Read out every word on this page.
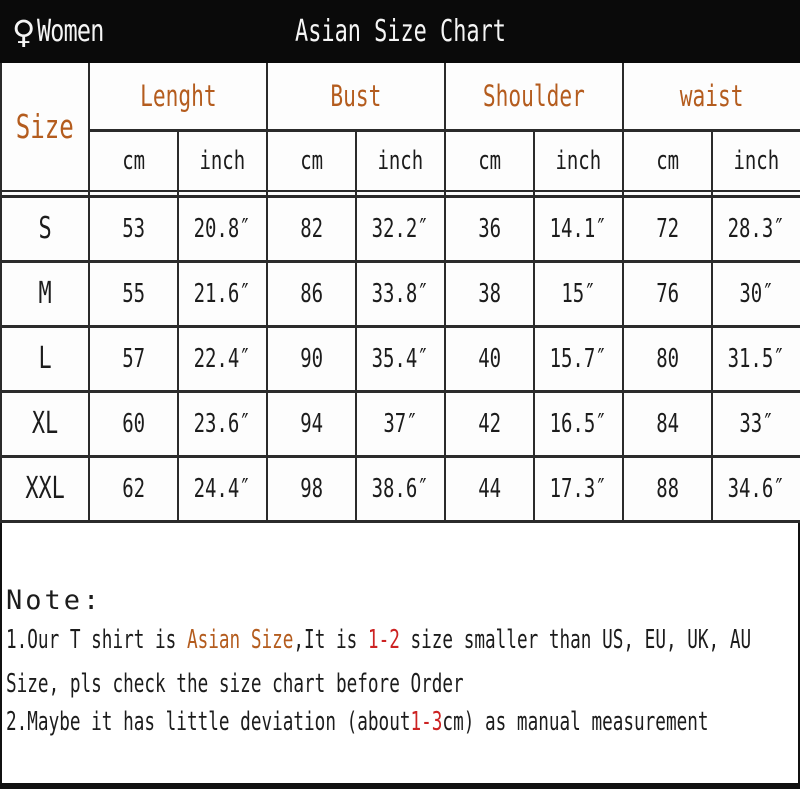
♀ Women	Asian Size Chart
Size	Lenght		Bust		Shoulder		waist	
	cm	inch	cm	inch	cm	inch	cm	inch

S	53	20.8″	82	32.2″	36	14.1″	72	28.3″
M	55	21.6″	86	33.8″	38	15″	76	30″
L	57	22.4″	90	35.4″	40	15.7″	80	31.5″
XL	60	23.6″	94	37″	42	16.5″	84	33″
XXL	62	24.4″	98	38.6″	44	17.3″	88	34.6″
Note:
1.Our T shirt is Asian Size,It is 1-2 size smaller than US, EU, UK, AU
Size, pls check the size chart before Order
2.Maybe it has little deviation (about1-3cm) as manual measurement
